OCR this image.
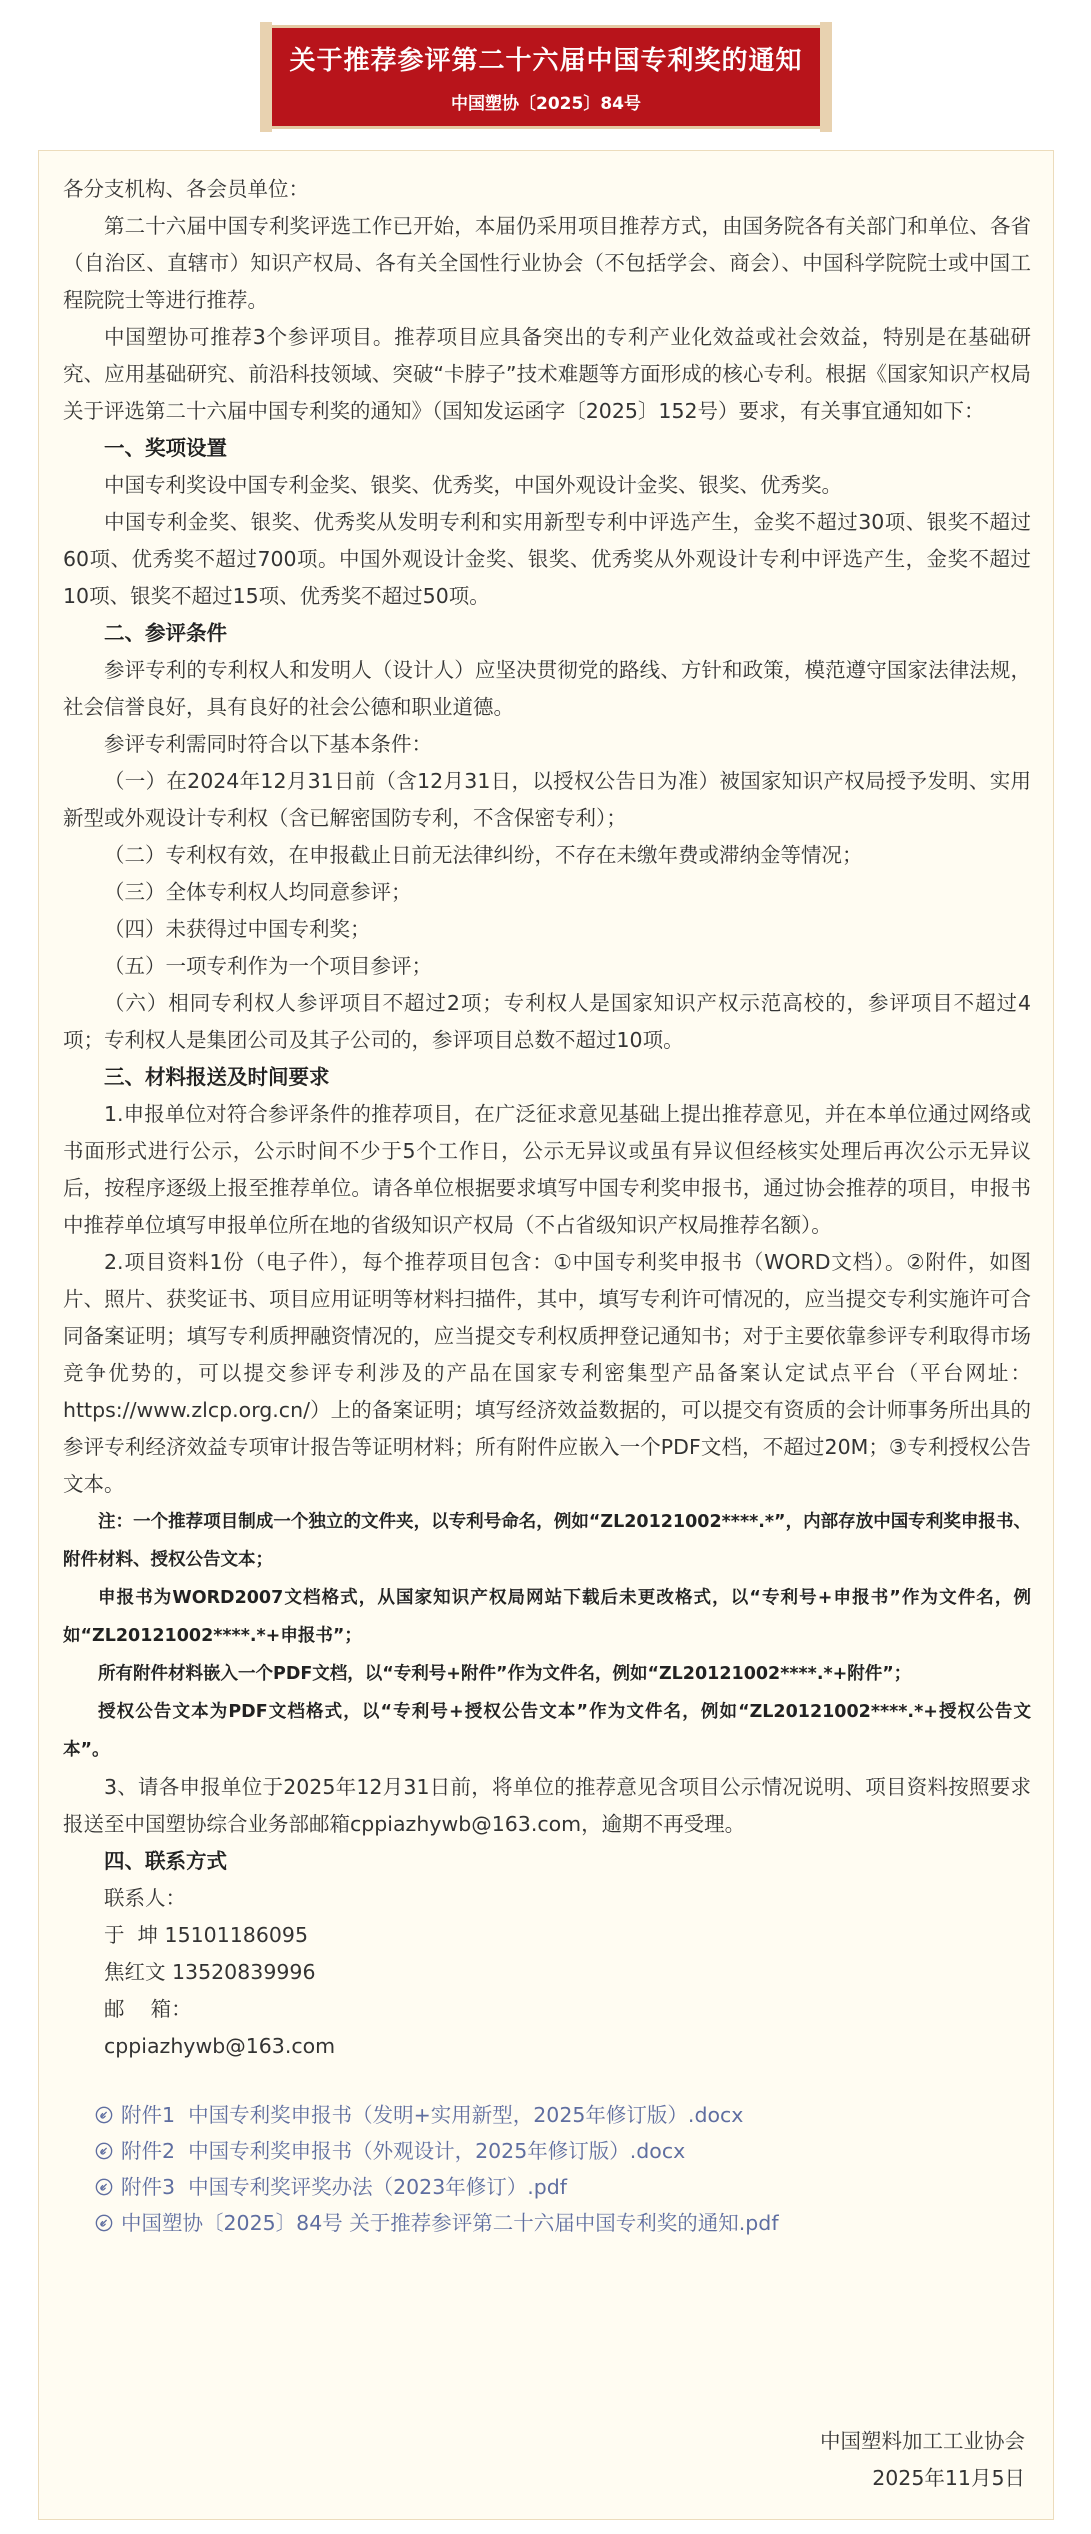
关于推荐参评第二十六届中国专利奖的通知
中国塑协〔2025〕84号
各分支机构、各会员单位：
第二十六届中国专利奖评选工作已开始，本届仍采用项目推荐方式，由国务院各有关部门和单位、各省（自治区、直辖市）知识产权局、各有关全国性行业协会（不包括学会、商会）、中国科学院院士或中国工程院院士等进行推荐。
中国塑协可推荐3个参评项目。推荐项目应具备突出的专利产业化效益或社会效益，特别是在基础研究、应用基础研究、前沿科技领域、突破“卡脖子”技术难题等方面形成的核心专利。根据《国家知识产权局关于评选第二十六届中国专利奖的通知》（国知发运函字〔2025〕152号）要求，有关事宜通知如下：
一、奖项设置
中国专利奖设中国专利金奖、银奖、优秀奖，中国外观设计金奖、银奖、优秀奖。
中国专利金奖、银奖、优秀奖从发明专利和实用新型专利中评选产生，金奖不超过30项、银奖不超过60项、优秀奖不超过700项。中国外观设计金奖、银奖、优秀奖从外观设计专利中评选产生，金奖不超过10项、银奖不超过15项、优秀奖不超过50项。
二、参评条件
参评专利的专利权人和发明人（设计人）应坚决贯彻党的路线、方针和政策，模范遵守国家法律法规，社会信誉良好，具有良好的社会公德和职业道德。
参评专利需同时符合以下基本条件：
（一）在2024年12月31日前（含12月31日，以授权公告日为准）被国家知识产权局授予发明、实用新型或外观设计专利权（含已解密国防专利，不含保密专利）；
（二）专利权有效，在申报截止日前无法律纠纷，不存在未缴年费或滞纳金等情况；
（三）全体专利权人均同意参评；
（四）未获得过中国专利奖；
（五）一项专利作为一个项目参评；
（六）相同专利权人参评项目不超过2项；专利权人是国家知识产权示范高校的，参评项目不超过4项；专利权人是集团公司及其子公司的，参评项目总数不超过10项。
三、材料报送及时间要求
1.申报单位对符合参评条件的推荐项目，在广泛征求意见基础上提出推荐意见，并在本单位通过网络或书面形式进行公示，公示时间不少于5个工作日，公示无异议或虽有异议但经核实处理后再次公示无异议后，按程序逐级上报至推荐单位。请各单位根据要求填写中国专利奖申报书，通过协会推荐的项目，申报书中推荐单位填写申报单位所在地的省级知识产权局（不占省级知识产权局推荐名额）。
2.项目资料1份（电子件），每个推荐项目包含：①中国专利奖申报书（WORD文档）。②附件，如图片、照片、获奖证书、项目应用证明等材料扫描件，其中，填写专利许可情况的，应当提交专利实施许可合同备案证明；填写专利质押融资情况的，应当提交专利权质押登记通知书；对于主要依靠参评专利取得市场竞争优势的，可以提交参评专利涉及的产品在国家专利密集型产品备案认定试点平台（平台网址：https://www.zlcp.org.cn/）上的备案证明；填写经济效益数据的，可以提交有资质的会计师事务所出具的参评专利经济效益专项审计报告等证明材料；所有附件应嵌入一个PDF文档，不超过20M；③专利授权公告文本。
注：一个推荐项目制成一个独立的文件夹，以专利号命名，例如“ZL20121002****.*”，内部存放中国专利奖申报书、附件材料、授权公告文本；
申报书为WORD2007文档格式，从国家知识产权局网站下载后未更改格式，以“专利号+申报书”作为文件名，例如“ZL20121002****.*+申报书”；
所有附件材料嵌入一个PDF文档，以“专利号+附件”作为文件名，例如“ZL20121002****.*+附件”；
授权公告文本为PDF文档格式，以“专利号+授权公告文本”作为文件名，例如“ZL20121002****.*+授权公告文本”。
3、请各申报单位于2025年12月31日前，将单位的推荐意见含项目公示情况说明、项目资料按照要求报送至中国塑协综合业务部邮箱cppiazhywb@163.com，逾期不再受理。
四、联系方式
联系人：
于  坤 15101186095
焦红文 13520839996
邮    箱：
cppiazhywb@163.com
附件1  中国专利奖申报书（发明+实用新型，2025年修订版）.docx
附件2  中国专利奖申报书（外观设计，2025年修订版）.docx
附件3  中国专利奖评奖办法（2023年修订）.pdf
中国塑协〔2025〕84号 关于推荐参评第二十六届中国专利奖的通知.pdf
中国塑料加工工业协会
2025年11月5日
